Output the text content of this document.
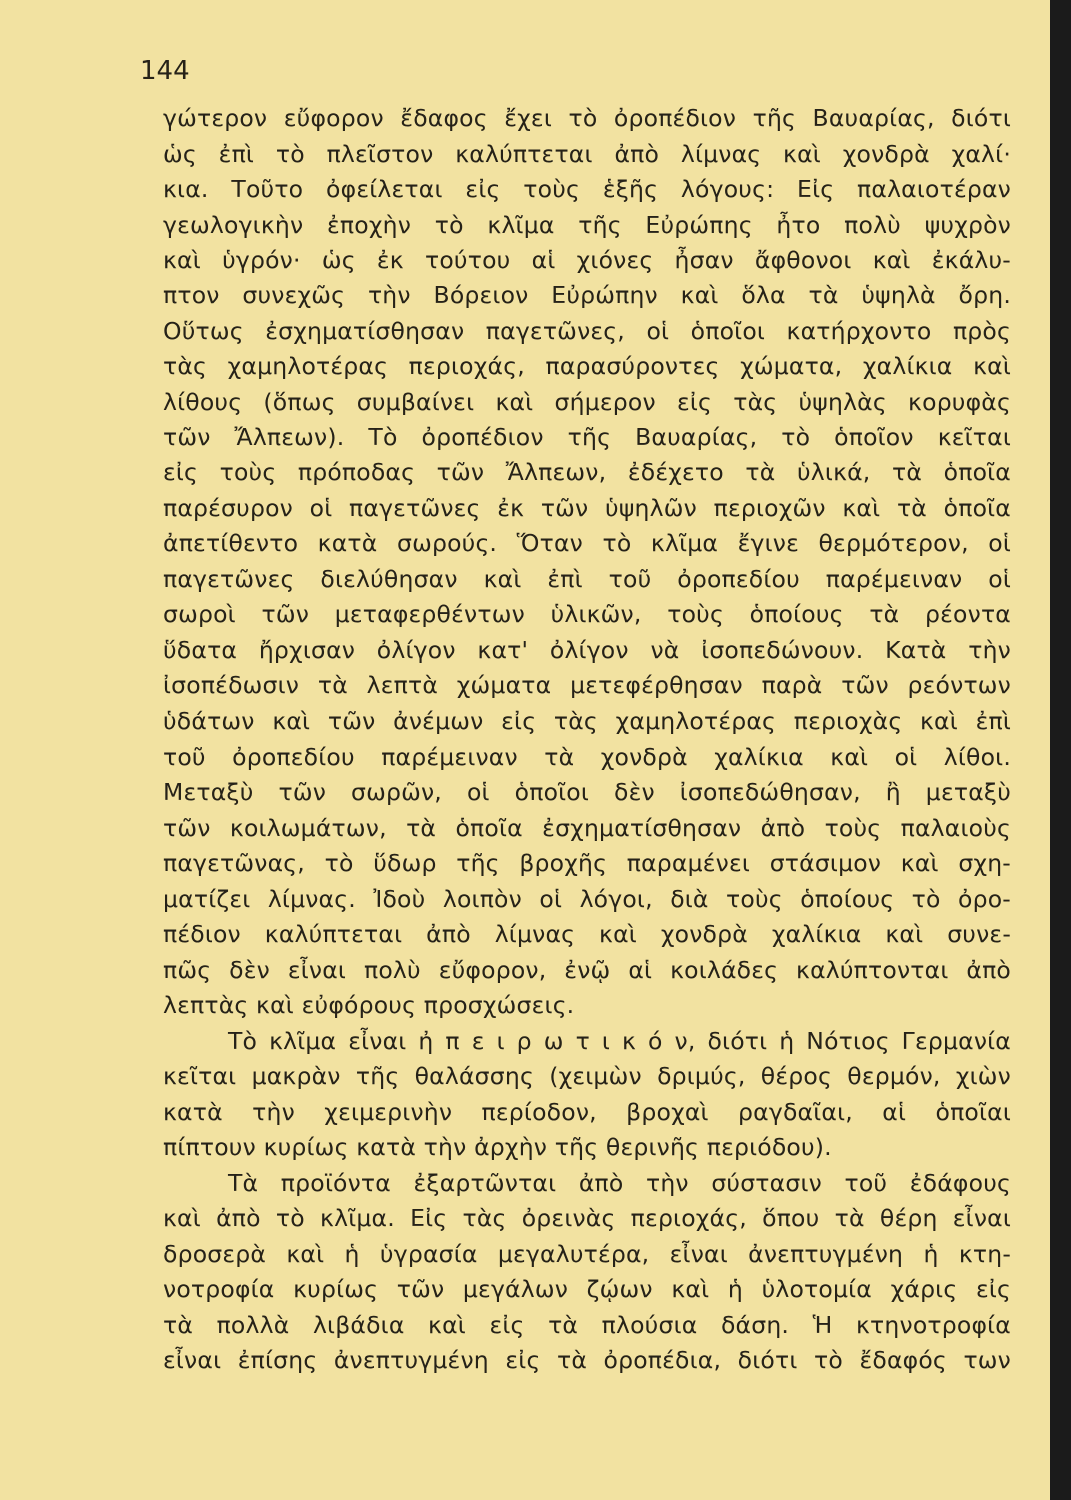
144
γώτερον εὔφορον ἔδαφος ἔχει τὸ ὀροπέδιον τῆς Βαυαρίας, διότι
ὡς ἐπὶ τὸ πλεῖστον καλύπτεται ἀπὸ λίμνας καὶ χονδρὰ χαλί·
κια. Τοῦτο ὀφείλεται εἰς τοὺς ἑξῆς λόγους: Εἰς παλαιοτέραν
γεωλογικὴν ἐποχὴν τὸ κλῖμα τῆς Εὐρώπης ἦτο πολὺ ψυχρὸν
καὶ ὑγρόν· ὡς ἐκ τούτου αἱ χιόνες ἦσαν ἄφθονοι καὶ ἐκάλυ-
πτον συνεχῶς τὴν Βόρειον Εὐρώπην καὶ ὅλα τὰ ὑψηλὰ ὄρη.
Οὕτως ἐσχηματίσθησαν παγετῶνες, οἱ ὁποῖοι κατήρχοντο πρὸς
τὰς χαμηλοτέρας περιοχάς, παρασύροντες χώματα, χαλίκια καὶ
λίθους (ὅπως συμβαίνει καὶ σήμερον εἰς τὰς ὑψηλὰς κορυφὰς
τῶν Ἄλπεων). Τὸ ὀροπέδιον τῆς Βαυαρίας, τὸ ὁποῖον κεῖται
εἰς τοὺς πρόποδας τῶν Ἄλπεων, ἐδέχετο τὰ ὑλικά, τὰ ὁποῖα
παρέσυρον οἱ παγετῶνες ἐκ τῶν ὑψηλῶν περιοχῶν καὶ τὰ ὁποῖα
ἀπετίθεντο κατὰ σωρούς. Ὅταν τὸ κλῖμα ἔγινε θερμότερον, οἱ
παγετῶνες διελύθησαν καὶ ἐπὶ τοῦ ὀροπεδίου παρέμειναν οἱ
σωροὶ τῶν μεταφερθέντων ὑλικῶν, τοὺς ὁποίους τὰ ρέοντα
ὕδατα ἤρχισαν ὀλίγον κατ' ὀλίγον νὰ ἰσοπεδώνουν. Κατὰ τὴν
ἰσοπέδωσιν τὰ λεπτὰ χώματα μετεφέρθησαν παρὰ τῶν ρεόντων
ὑδάτων καὶ τῶν ἀνέμων εἰς τὰς χαμηλοτέρας περιοχὰς καὶ ἐπὶ
τοῦ ὀροπεδίου παρέμειναν τὰ χονδρὰ χαλίκια καὶ οἱ λίθοι.
Μεταξὺ τῶν σωρῶν, οἱ ὁποῖοι δὲν ἰσοπεδώθησαν, ἢ μεταξὺ
τῶν κοιλωμάτων, τὰ ὁποῖα ἐσχηματίσθησαν ἀπὸ τοὺς παλαιοὺς
παγετῶνας, τὸ ὕδωρ τῆς βροχῆς παραμένει στάσιμον καὶ σχη-
ματίζει λίμνας. Ἰδοὺ λοιπὸν οἱ λόγοι, διὰ τοὺς ὁποίους τὸ ὀρο-
πέδιον καλύπτεται ἀπὸ λίμνας καὶ χονδρὰ χαλίκια καὶ συνε-
πῶς δὲν εἶναι πολὺ εὔφορον, ἐνῷ αἱ κοιλάδες καλύπτονται ἀπὸ
λεπτὰς καὶ εὐφόρους προσχώσεις.
Τὸ κλῖμα εἶναι ἠ π ε ι ρ ω τ ι κ ό ν, διότι ἡ Νότιος Γερμανία
κεῖται μακρὰν τῆς θαλάσσης (χειμὼν δριμύς, θέρος θερμόν, χιὼν
κατὰ τὴν χειμερινὴν περίοδον, βροχαὶ ραγδαῖαι, αἱ ὁποῖαι
πίπτουν κυρίως κατὰ τὴν ἀρχὴν τῆς θερινῆς περιόδου).
Τὰ προϊόντα ἐξαρτῶνται ἀπὸ τὴν σύστασιν τοῦ ἐδάφους
καὶ ἀπὸ τὸ κλῖμα. Εἰς τὰς ὀρεινὰς περιοχάς, ὅπου τὰ θέρη εἶναι
δροσερὰ καὶ ἡ ὑγρασία μεγαλυτέρα, εἶναι ἀνεπτυγμένη ἡ κτη-
νοτροφία κυρίως τῶν μεγάλων ζῴων καὶ ἡ ὑλοτομία χάρις εἰς
τὰ πολλὰ λιβάδια καὶ εἰς τὰ πλούσια δάση. Ἡ κτηνοτροφία
εἶναι ἐπίσης ἀνεπτυγμένη εἰς τὰ ὀροπέδια, διότι τὸ ἔδαφός των
